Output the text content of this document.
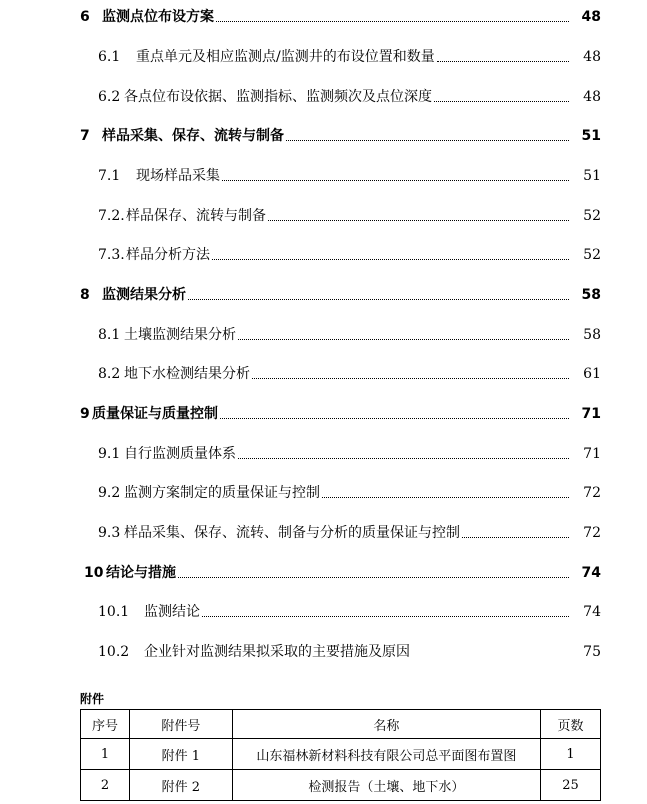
6 监测点位布设方案	48
6.1 重点单元及相应监测点/监测井的布设位置和数量	48
6.2 各点位布设依据、监测指标、监测频次及点位深度	48
7 样品采集、保存、流转与制备	51
7.1 现场样品采集	51
7.2.样品保存、流转与制备	52
7.3.样品分析方法	52
8 监测结果分析	58
8.1 土壤监测结果分析	58
8.2 地下水检测结果分析	61
9 质量保证与质量控制	71
9.1 自行监测质量体系	71
9.2 监测方案制定的质量保证与控制	72
9.3 样品采集、保存、流转、制备与分析的质量保证与控制	72
10 结论与措施	74
10.1 监测结论	74
10.2 企业针对监测结果拟采取的主要措施及原因	75
附件
序号	附件号	名称	页数
1	附件 1	山东福林新材料科技有限公司总平面图布置图	1
2	附件 2	检测报告（土壤、地下水）	25
